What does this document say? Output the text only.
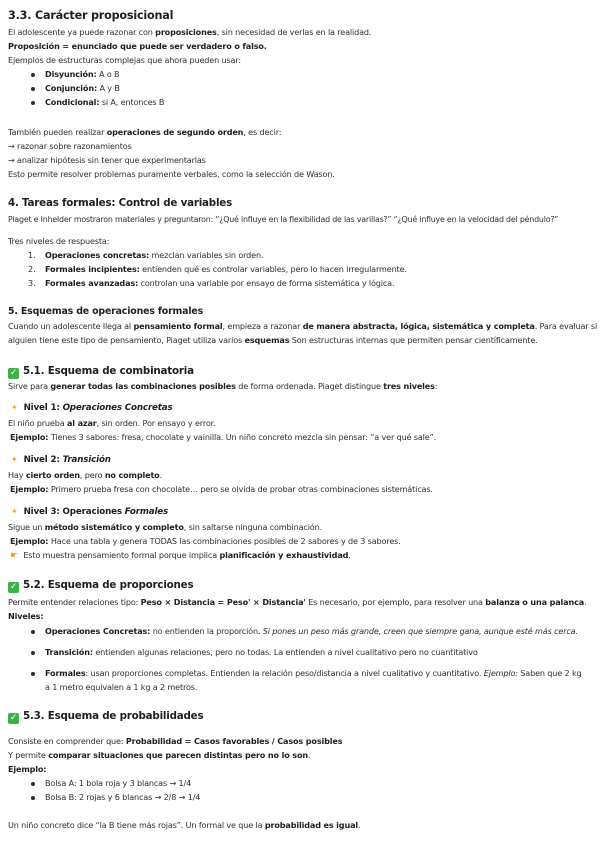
3.3. Carácter proposicional
El adolescente ya puede razonar con proposiciones, sin necesidad de verlas en la realidad.
Proposición = enunciado que puede ser verdadero o falso.
Ejemplos de estructuras complejas que ahora pueden usar:
Disyunción: A o B
Conjunción: A y B
Condicional: si A, entonces B
También pueden realizar operaciones de segundo orden, es decir:
→ razonar sobre razonamientos
→ analizar hipótesis sin tener que experimentarlas
Esto permite resolver problemas puramente verbales, como la selección de Wason.
4. Tareas formales: Control de variables
Piaget e Inhelder mostraron materiales y preguntaron: “¿Qué influye en la flexibilidad de las varillas?” “¿Qué influye en la velocidad del péndulo?”
Tres niveles de respuesta:
1. Operaciones concretas: mezclan variables sin orden.
2. Formales incipientes: entienden qué es controlar variables, pero lo hacen irregularmente.
3. Formales avanzadas: controlan una variable por ensayo de forma sistemática y lógica.
5. Esquemas de operaciones formales
Cuando un adolescente llega al pensamiento formal, empieza a razonar de manera abstracta, lógica, sistemática y completa. Para evaluar si
alguien tiene este tipo de pensamiento, Piaget utiliza varios esquemas Son estructuras internas que permiten pensar científicamente.
✓ 5.1. Esquema de combinatoria
Sirve para generar todas las combinaciones posibles de forma ordenada. Piaget distingue tres niveles:
✦ Nivel 1: Operaciones Concretas
El niño prueba al azar, sin orden. Por ensayo y error.
Ejemplo: Tienes 3 sabores: fresa, chocolate y vainilla. Un niño concreto mezcla sin pensar: “a ver qué sale”.
✦ Nivel 2: Transición
Hay cierto orden, pero no completo.
Ejemplo: Primero prueba fresa con chocolate… pero se olvida de probar otras combinaciones sistemáticas.
✦ Nivel 3: Operaciones Formales
Sigue un método sistemático y completo, sin saltarse ninguna combinación.
Ejemplo: Hace una tabla y genera TODAS las combinaciones posibles de 2 sabores y de 3 sabores.
☛ Esto muestra pensamiento formal porque implica planificación y exhaustividad.
✓ 5.2. Esquema de proporciones
Permite entender relaciones tipo: Peso × Distancia = Peso' × Distancia' Es necesario, por ejemplo, para resolver una balanza o una palanca.
Niveles:
Operaciones Concretas: no entienden la proporción. Si pones un peso más grande, creen que siempre gana, aunque esté más cerca.
Transición: entienden algunas relaciones, pero no todas. La entienden a nivel cualitativo pero no cuantitativo
Formales: usan proporciones completas. Entienden la relación peso/distancia a nivel cualitativo y cuantitativo. Ejemplo: Saben que 2 kg
a 1 metro equivalen a 1 kg a 2 metros.
✓ 5.3. Esquema de probabilidades
Consiste en comprender que: Probabilidad = Casos favorables / Casos posibles
Y permite comparar situaciones que parecen distintas pero no lo son.
Ejemplo:
Bolsa A: 1 bola roja y 3 blancas → 1/4
Bolsa B: 2 rojas y 6 blancas → 2/8 → 1/4
Un niño concreto dice “la B tiene más rojas”. Un formal ve que la probabilidad es igual.
